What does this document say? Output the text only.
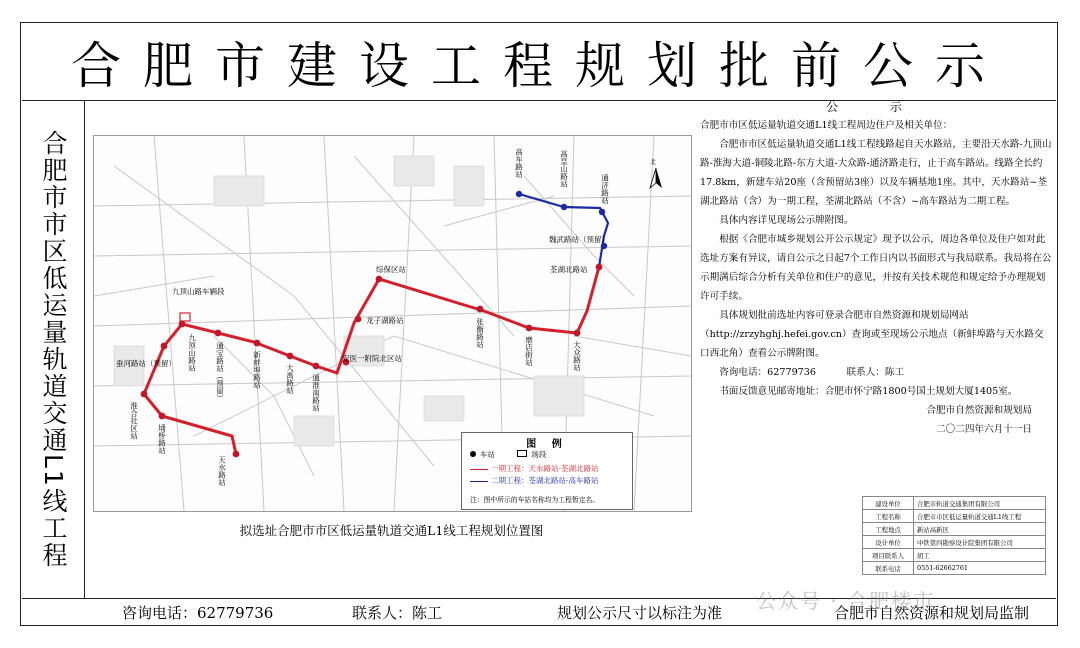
合肥市建设工程规划批前公示
合肥市市区低运量轨道交通L1线工程	北
天水路站
埇桥路站
淮合社区站
蚕河路站（预留） 九顶山路站	通宝路站（预留）	新蚌埠路站	大禹路站 通淮南路站
安医一附院北区站
龙子湖路站
综保区站
张衡路站
磨店街站	大众路站
荃湖北路站
魏武路站（预留）
通济路站
高皇山路站
高车路站
九顶山路车辆段
图 例
车站	场段
一期工程：天水路站-荃湖北路站
二期工程：荃湖北路站-高车路站
注：图中所示的车站名称均为工程暂定名。
拟选址合肥市市区低运量轨道交通L1线工程规划位置图
公 示

合肥市市区低运量轨道交通L1线工程周边住户及相关单位：

合肥市市区低运量轨道交通L1线工程线路起自天水路站，主要沿天水路-九顶山路-淮海大道-铜陵北路-东方大道-大众路-通济路走行，止于高车路站。线路全长约17.8km，新建车站20座（含预留站3座）以及车辆基地1座。其中，天水路站~荃湖北路站（含）为一期工程，荃湖北路站（不含）~高车路站为二期工程。

具体内容详见现场公示牌附图。

根据《合肥市城乡规划公开公示规定》现予以公示，周边各单位及住户如对此选址方案有异议，请自公示之日起7个工作日内以书面形式与我局联系。我局将在公示期满后综合分析有关单位和住户的意见，并按有关技术规范和规定给予办理规划许可手续。

具体规划批前选址内容可登录合肥市自然资源和规划局网站（http://zrzyhghj.hefei.gov.cn）查询或至现场公示地点（新蚌埠路与天水路交口西北角）查看公示牌附图。

咨询电话：62779736          联系人：陈工

书面反馈意见邮寄地址：合肥市怀宁路1800号国土规划大厦1405室。

合肥市自然资源和规划局

二〇二四年六月十一日

建设单位	合肥市轨道交通集团有限公司
工程名称	合肥市市区低运量轨道交通L1线工程
工程地点	新站高新区
设计单位	中铁第四勘察设计院集团有限公司
项目联系人	胡工
联系电话	0551-62662761
咨询电话：62779736	联系人：陈工	规划公示尺寸以标注为准	合肥市自然资源和规划局监制
公众号 · 合肥楼市
